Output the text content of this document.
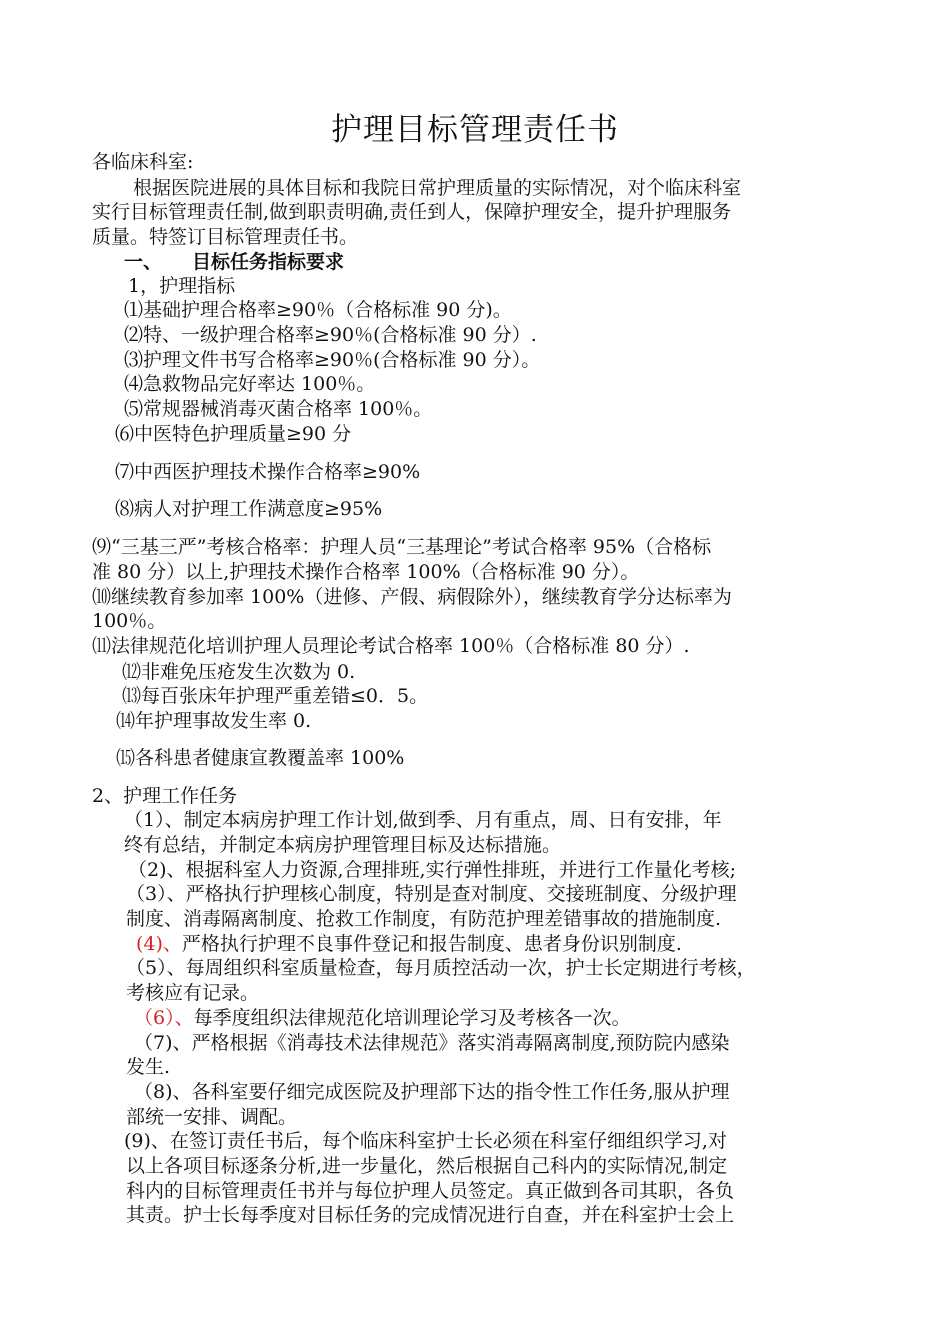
护理目标管理责任书
各临床科室:
根据医院进展的具体目标和我院日常护理质量的实际情况，对个临床科室
实行目标管理责任制,做到职责明确,责任到人，保障护理安全，提升护理服务
质量。特签订目标管理责任书。
一、 目标任务指标要求
1，护理指标
⑴基础护理合格率≥90％（合格标准 90 分)。
⑵特、一级护理合格率≥90％(合格标准 90 分）.
⑶护理文件书写合格率≥90％(合格标准 90 分）。
⑷急救物品完好率达 100％。
⑸常规器械消毒灭菌合格率 100％。
⑹中医特色护理质量≥90 分
⑺中西医护理技术操作合格率≥90%
⑻病人对护理工作满意度≥95%
⑼“三基三严”考核合格率：护理人员“三基理论”考试合格率 95%（合格标
准 80 分）以上,护理技术操作合格率 100%（合格标准 90 分）。
⑽继续教育参加率 100%（进修、产假、病假除外），继续教育学分达标率为
100％。
⑾法律规范化培训护理人员理论考试合格率 100％（合格标准 80 分）.
⑿非难免压疮发生次数为 0.
⒀每百张床年护理严重差错≤0．5。
⒁年护理事故发生率 0.
⒂各科患者健康宣教覆盖率 100%
2、护理工作任务
（1）、制定本病房护理工作计划,做到季、月有重点，周、日有安排，年
终有总结，并制定本病房护理管理目标及达标措施。
（2)、根据科室人力资源,合理排班,实行弹性排班，并进行工作量化考核;
（3）、严格执行护理核心制度，特别是查对制度、交接班制度、分级护理
制度、消毒隔离制度、抢救工作制度，有防范护理差错事故的措施制度.
(4)、严格执行护理不良事件登记和报告制度、患者身份识别制度.
（5）、每周组织科室质量检查，每月质控活动一次，护士长定期进行考核，
考核应有记录。
（6）、每季度组织法律规范化培训理论学习及考核各一次。
（7)、严格根据《消毒技术法律规范》落实消毒隔离制度,预防院内感染
发生.
（8)、各科室要仔细完成医院及护理部下达的指令性工作任务,服从护理
部统一安排、调配。
(9)、在签订责任书后，每个临床科室护士长必须在科室仔细组织学习,对
以上各项目标逐条分析,进一步量化，然后根据自己科内的实际情况,制定
科内的目标管理责任书并与每位护理人员签定。真正做到各司其职，各负
其责。护士长每季度对目标任务的完成情况进行自查，并在科室护士会上
